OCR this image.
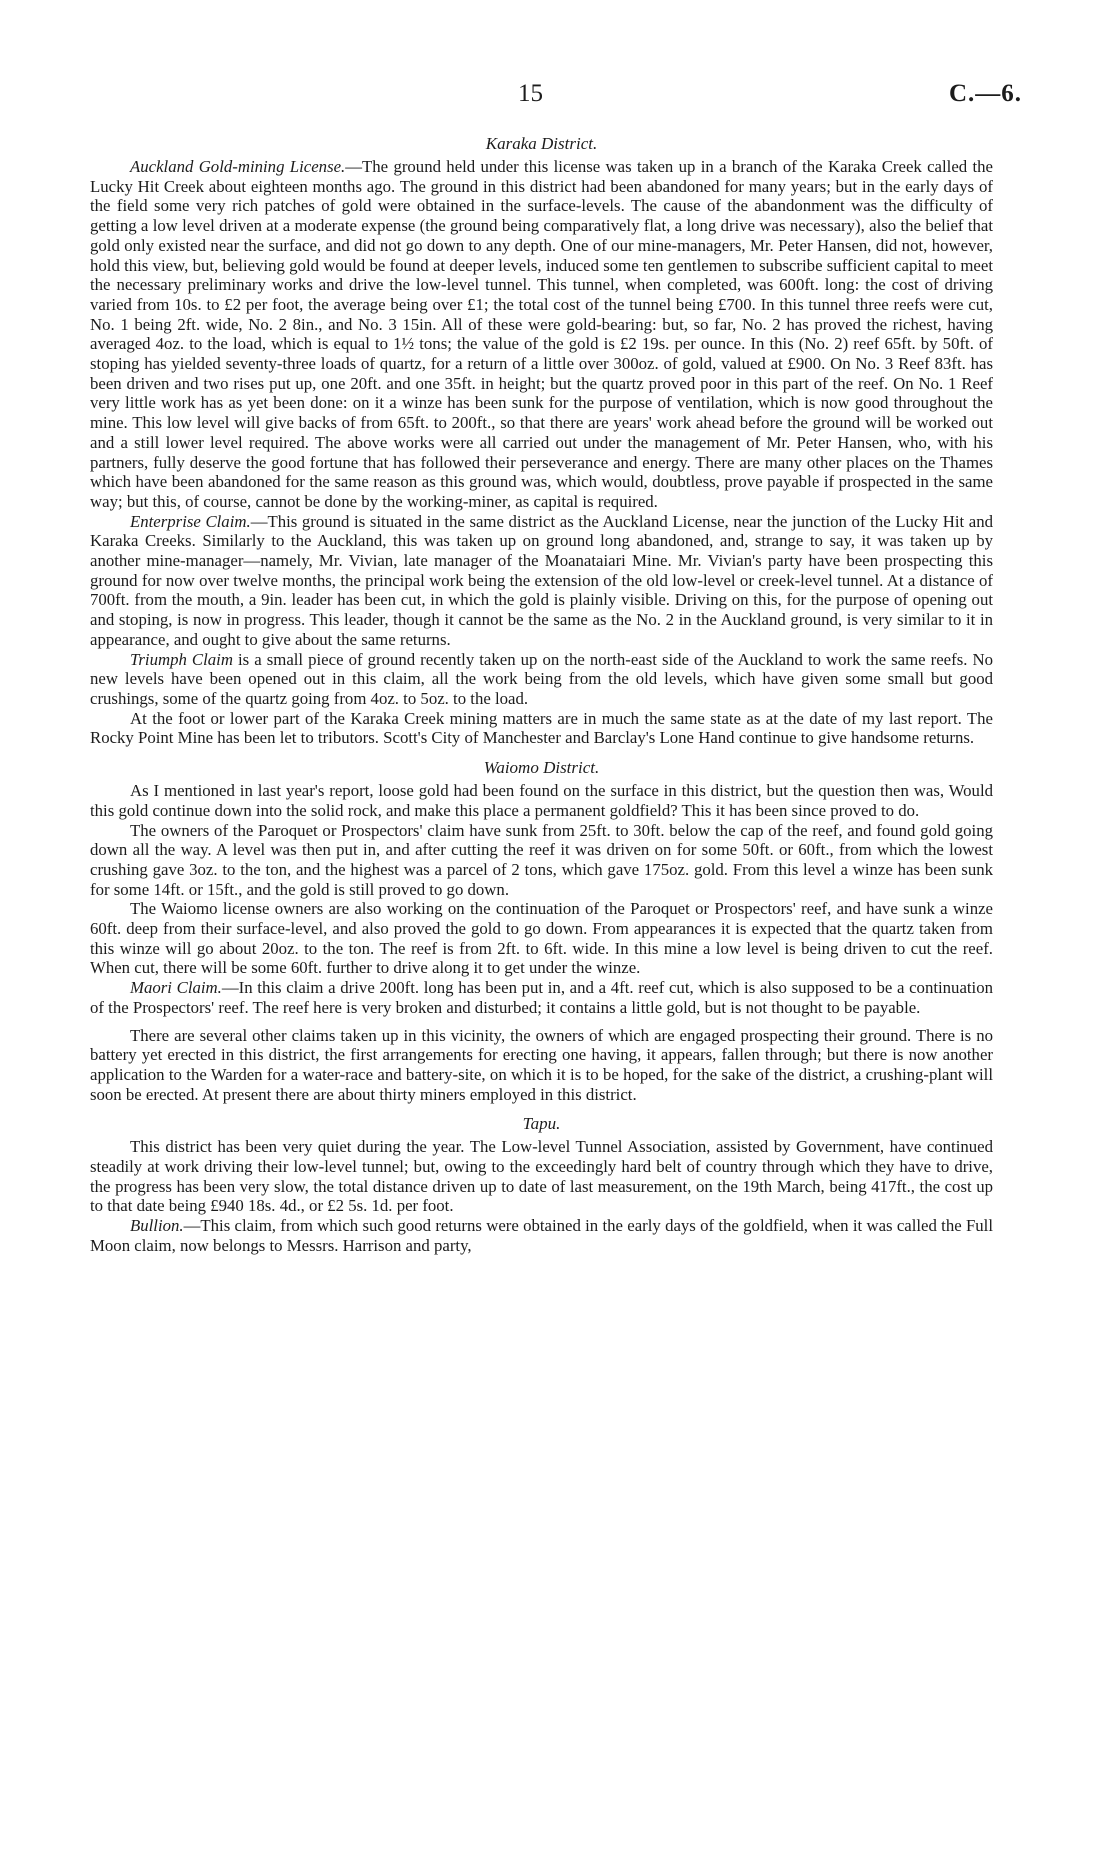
15	C.—6.
Karaka District.

Auckland Gold-mining License.—The ground held under this license was taken up in a branch of the Karaka Creek called the Lucky Hit Creek about eighteen months ago. The ground in this district had been abandoned for many years; but in the early days of the field some very rich patches of gold were obtained in the surface-levels. The cause of the abandonment was the difficulty of getting a low level driven at a moderate expense (the ground being comparatively flat, a long drive was necessary), also the belief that gold only existed near the surface, and did not go down to any depth. One of our mine-managers, Mr. Peter Hansen, did not, however, hold this view, but, believing gold would be found at deeper levels, induced some ten gentlemen to subscribe sufficient capital to meet the necessary preliminary works and drive the low-level tunnel. This tunnel, when completed, was 600ft. long: the cost of driving varied from 10s. to £2 per foot, the average being over £1; the total cost of the tunnel being £700. In this tunnel three reefs were cut, No. 1 being 2ft. wide, No. 2 8in., and No. 3 15in. All of these were gold-bearing: but, so far, No. 2 has proved the richest, having averaged 4oz. to the load, which is equal to 1½ tons; the value of the gold is £2 19s. per ounce. In this (No. 2) reef 65ft. by 50ft. of stoping has yielded seventy-three loads of quartz, for a return of a little over 300oz. of gold, valued at £900. On No. 3 Reef 83ft. has been driven and two rises put up, one 20ft. and one 35ft. in height; but the quartz proved poor in this part of the reef. On No. 1 Reef very little work has as yet been done: on it a winze has been sunk for the purpose of ventilation, which is now good throughout the mine. This low level will give backs of from 65ft. to 200ft., so that there are years' work ahead before the ground will be worked out and a still lower level required. The above works were all carried out under the management of Mr. Peter Hansen, who, with his partners, fully deserve the good fortune that has followed their perseverance and energy. There are many other places on the Thames which have been abandoned for the same reason as this ground was, which would, doubtless, prove payable if prospected in the same way; but this, of course, cannot be done by the working-miner, as capital is required.

Enterprise Claim.—This ground is situated in the same district as the Auckland License, near the junction of the Lucky Hit and Karaka Creeks. Similarly to the Auckland, this was taken up on ground long abandoned, and, strange to say, it was taken up by another mine-manager—namely, Mr. Vivian, late manager of the Moanataiari Mine. Mr. Vivian's party have been prospecting this ground for now over twelve months, the principal work being the extension of the old low-level or creek-level tunnel. At a distance of 700ft. from the mouth, a 9in. leader has been cut, in which the gold is plainly visible. Driving on this, for the purpose of opening out and stoping, is now in progress. This leader, though it cannot be the same as the No. 2 in the Auckland ground, is very similar to it in appearance, and ought to give about the same returns.

Triumph Claim is a small piece of ground recently taken up on the north-east side of the Auckland to work the same reefs. No new levels have been opened out in this claim, all the work being from the old levels, which have given some small but good crushings, some of the quartz going from 4oz. to 5oz. to the load.

At the foot or lower part of the Karaka Creek mining matters are in much the same state as at the date of my last report. The Rocky Point Mine has been let to tributors. Scott's City of Manchester and Barclay's Lone Hand continue to give handsome returns.

Waiomo District.

As I mentioned in last year's report, loose gold had been found on the surface in this district, but the question then was, Would this gold continue down into the solid rock, and make this place a permanent goldfield? This it has been since proved to do.

The owners of the Paroquet or Prospectors' claim have sunk from 25ft. to 30ft. below the cap of the reef, and found gold going down all the way. A level was then put in, and after cutting the reef it was driven on for some 50ft. or 60ft., from which the lowest crushing gave 3oz. to the ton, and the highest was a parcel of 2 tons, which gave 175oz. gold. From this level a winze has been sunk for some 14ft. or 15ft., and the gold is still proved to go down.

The Waiomo license owners are also working on the continuation of the Paroquet or Prospectors' reef, and have sunk a winze 60ft. deep from their surface-level, and also proved the gold to go down. From appearances it is expected that the quartz taken from this winze will go about 20oz. to the ton. The reef is from 2ft. to 6ft. wide. In this mine a low level is being driven to cut the reef. When cut, there will be some 60ft. further to drive along it to get under the winze.

Maori Claim.—In this claim a drive 200ft. long has been put in, and a 4ft. reef cut, which is also supposed to be a continuation of the Prospectors' reef. The reef here is very broken and disturbed; it contains a little gold, but is not thought to be payable.

There are several other claims taken up in this vicinity, the owners of which are engaged prospecting their ground. There is no battery yet erected in this district, the first arrangements for erecting one having, it appears, fallen through; but there is now another application to the Warden for a water-race and battery-site, on which it is to be hoped, for the sake of the district, a crushing-plant will soon be erected. At present there are about thirty miners employed in this district.

Tapu.

This district has been very quiet during the year. The Low-level Tunnel Association, assisted by Government, have continued steadily at work driving their low-level tunnel; but, owing to the exceedingly hard belt of country through which they have to drive, the progress has been very slow, the total distance driven up to date of last measurement, on the 19th March, being 417ft., the cost up to that date being £940 18s. 4d., or £2 5s. 1d. per foot.

Bullion.—This claim, from which such good returns were obtained in the early days of the goldfield, when it was called the Full Moon claim, now belongs to Messrs. Harrison and party,
